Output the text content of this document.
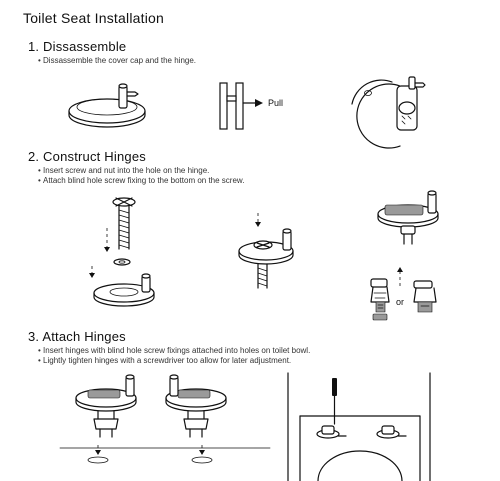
Toilet Seat Installation
1. Dissassemble
• Dissassemble the cover cap and the hinge.
2. Construct Hinges
• Insert screw and nut into the hole on the hinge.
• Attach blind hole screw fixing to the bottom on the screw.
3. Attach Hinges
• Insert hinges with blind hole screw fixings attached into holes on toilet bowl.
• Lightly tighten hinges with a screwdriver too allow for later adjustment.
Pull
or
